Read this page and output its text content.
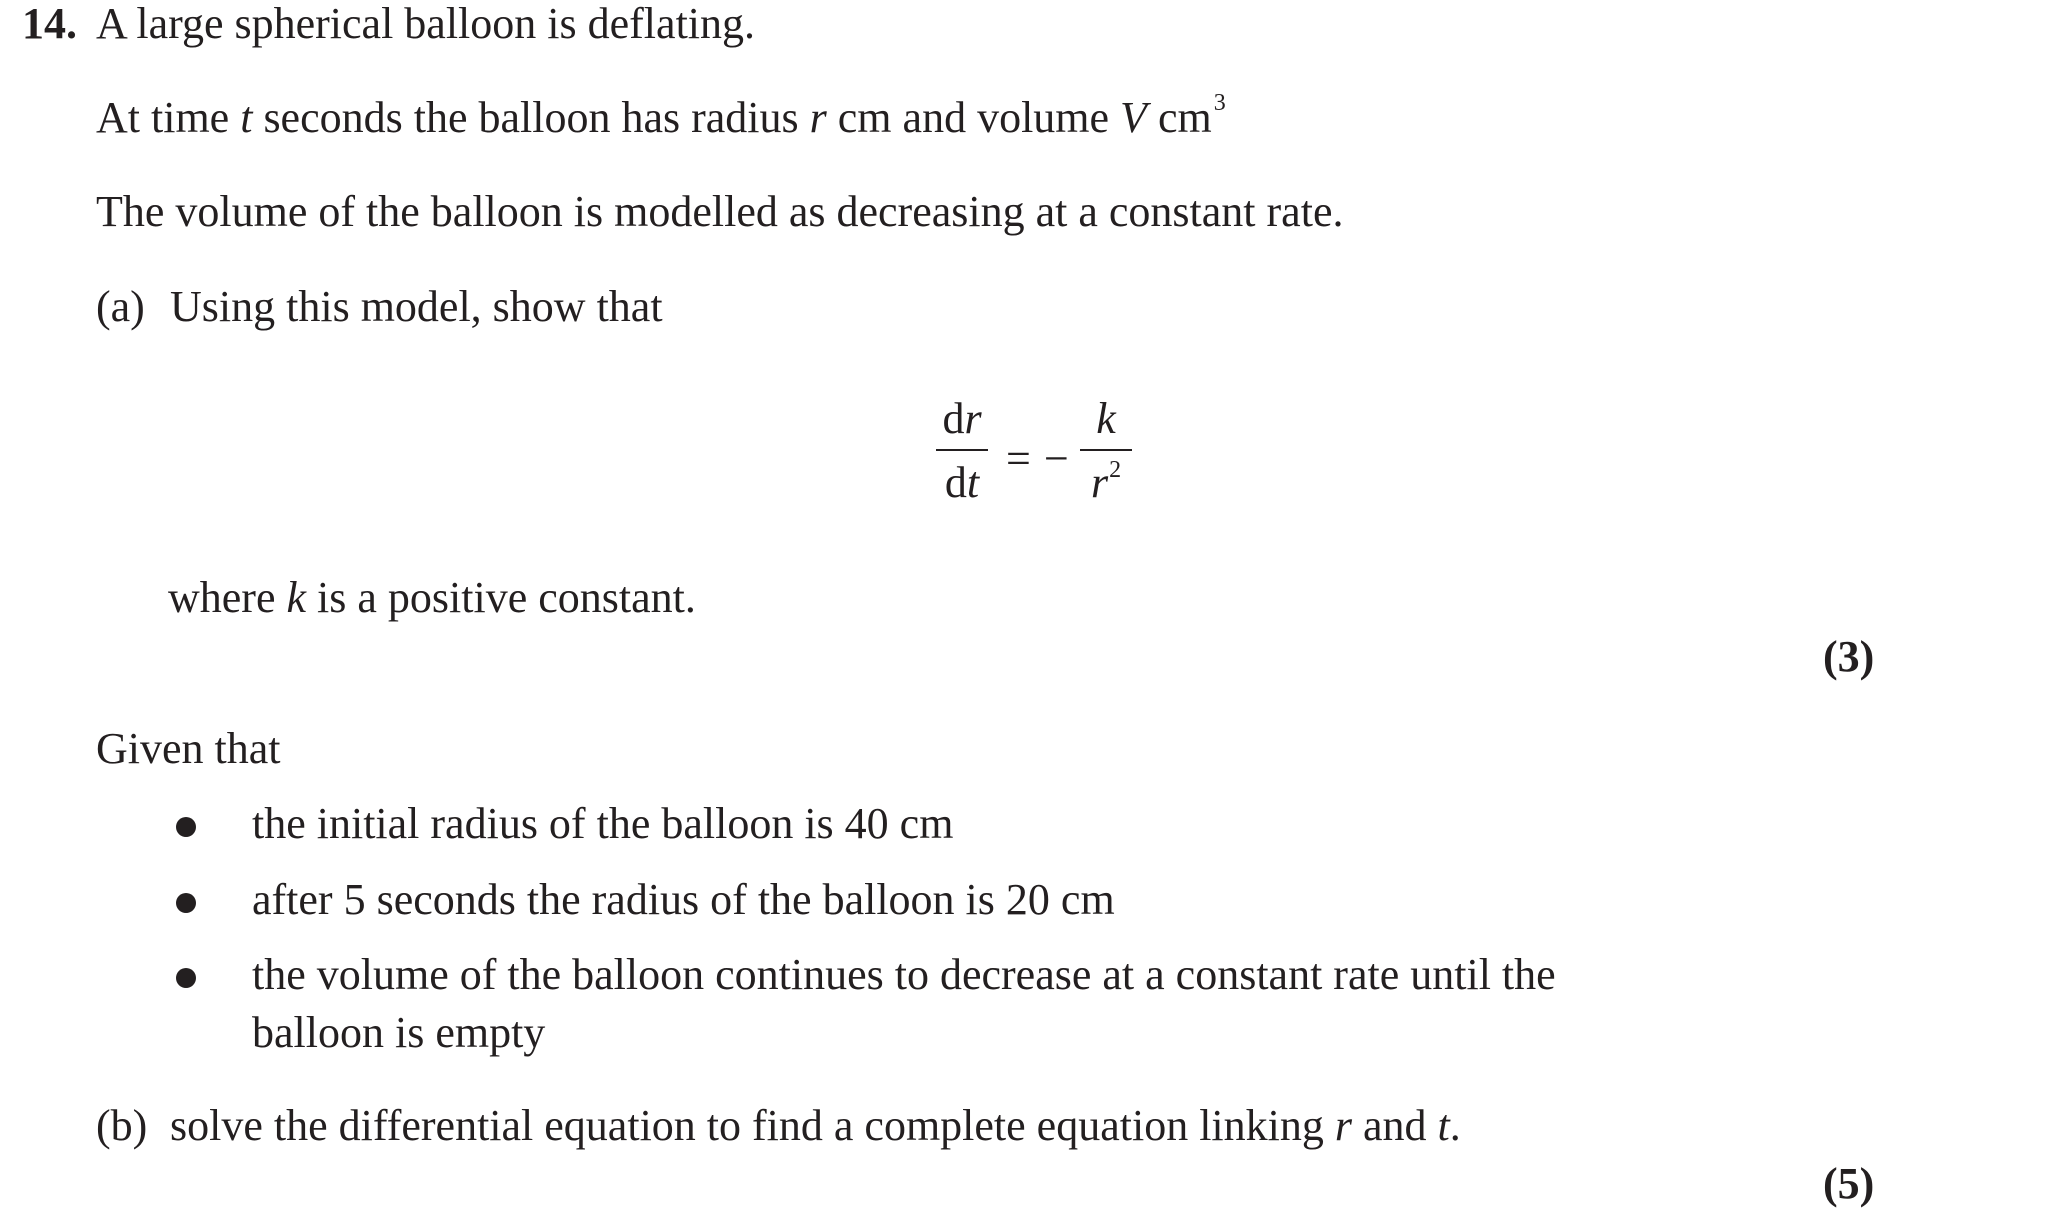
14. A large spherical balloon is deflating.
At time t seconds the balloon has radius r cm and volume V $cm^3$
The volume of the balloon is modelled as decreasing at a constant rate.
(a) Using this model, show that
dr
dt = −
k
$r^2$
where k is a positive constant.
(3)
Given that
the initial radius of the balloon is 40 cm
after 5 seconds the radius of the balloon is 20 cm
the volume of the balloon continues to decrease at a constant rate until the
balloon is empty
(b) solve the differential equation to find a complete equation linking r and t.
(5)
